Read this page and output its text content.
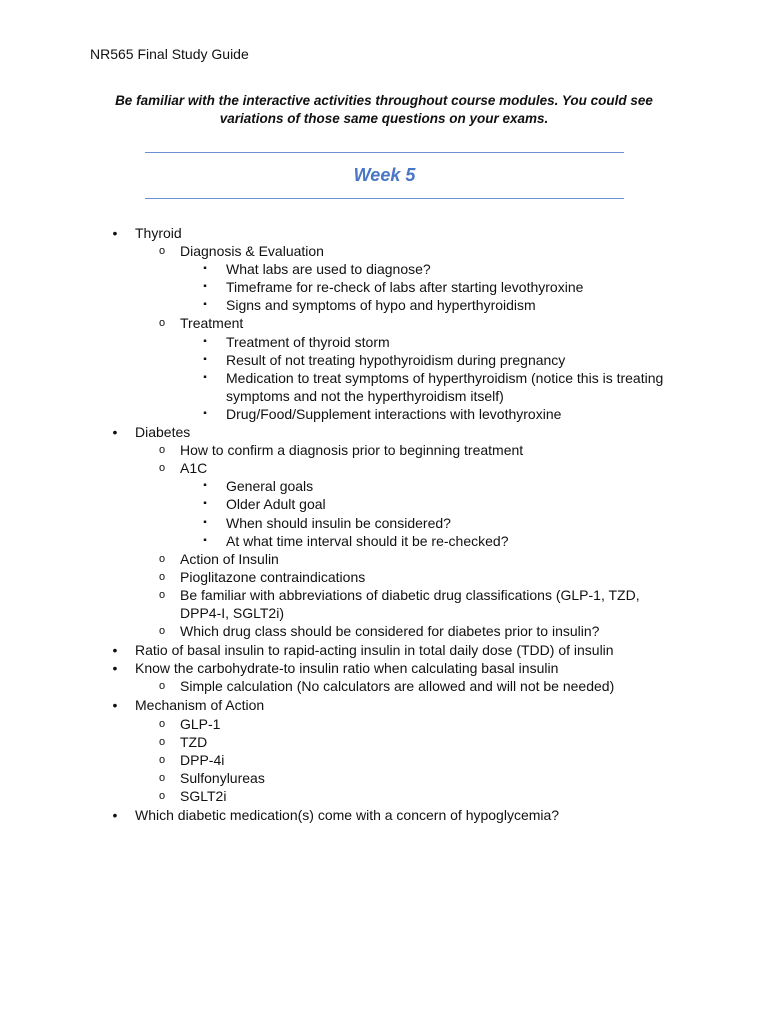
NR565 Final Study Guide
Be familiar with the interactive activities throughout course modules. You could see variations of those same questions on your exams.
Week 5
•
Thyroid
o
Diagnosis & Evaluation
▪
What labs are used to diagnose?
▪
Timeframe for re-check of labs after starting levothyroxine
▪
Signs and symptoms of hypo and hyperthyroidism
o
Treatment
▪
Treatment of thyroid storm
▪
Result of not treating hypothyroidism during pregnancy
▪
Medication to treat symptoms of hyperthyroidism (notice this is treating symptoms and not the hyperthyroidism itself)
▪
Drug/Food/Supplement interactions with levothyroxine
•
Diabetes
o
How to confirm a diagnosis prior to beginning treatment
o
A1C
▪
General goals
▪
Older Adult goal
▪
When should insulin be considered?
▪
At what time interval should it be re-checked?
o
Action of Insulin
o
Pioglitazone contraindications
o
Be familiar with abbreviations of diabetic drug classifications (GLP-1, TZD, DPP4-I, SGLT2i)
o
Which drug class should be considered for diabetes prior to insulin?
•
Ratio of basal insulin to rapid-acting insulin in total daily dose (TDD) of insulin
•
Know the carbohydrate-to insulin ratio when calculating basal insulin
o
Simple calculation (No calculators are allowed and will not be needed)
•
Mechanism of Action
o
GLP-1
o
TZD
o
DPP-4i
o
Sulfonylureas
o
SGLT2i
•
Which diabetic medication(s) come with a concern of hypoglycemia?
